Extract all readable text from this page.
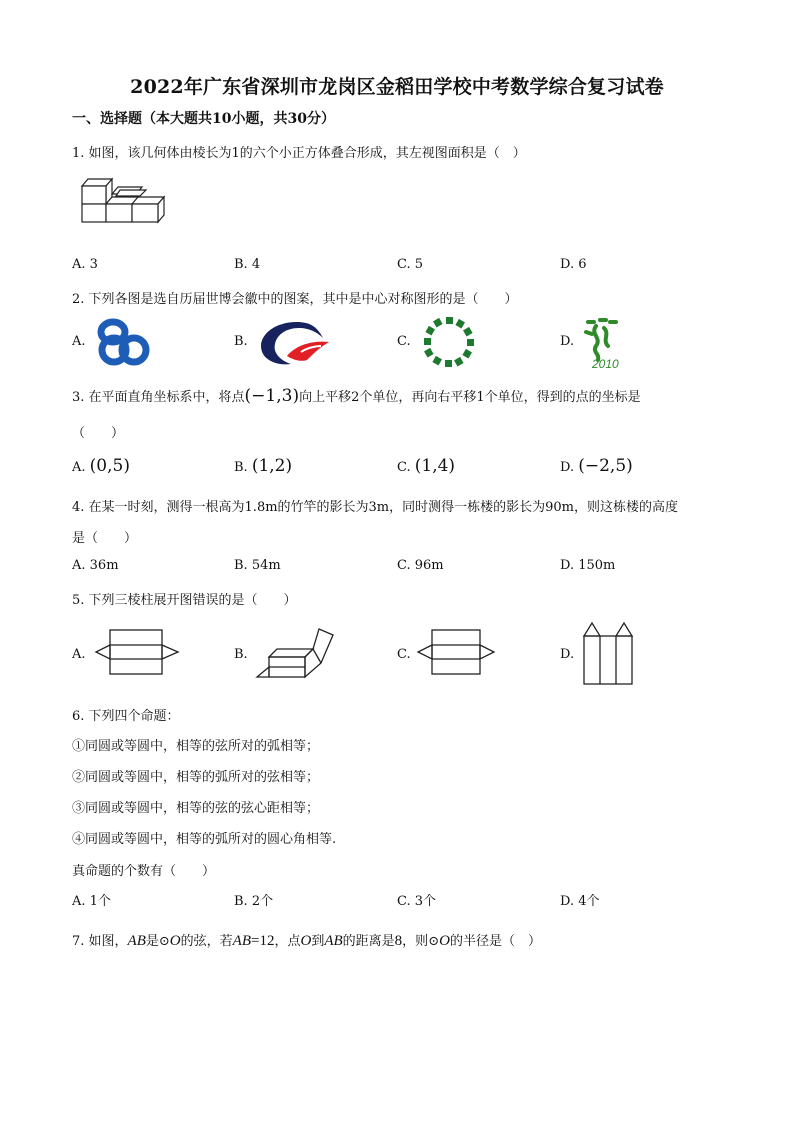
2022年广东省深圳市龙岗区金稻田学校中考数学综合复习试卷
一、选择题（本大题共10小题，共30分）
1. 如图，该几何体由棱长为1的六个小正方体叠合形成，其左视图面积是（　）
A. 3	B. 4	C. 5	D. 6
2. 下列各图是选自历届世博会徽中的图案，其中是中心对称图形的是（　　）
A.	B.	C.	D.
2010
3. 在平面直角坐标系中，将点(−1,3)向上平移2个单位，再向右平移1个单位，得到的点的坐标是
（　　）
A. (0,5)	B. (1,2)	C. (1,4)	D. (−2,5)
4. 在某一时刻，测得一根高为1.8m的竹竿的影长为3m，同时测得一栋楼的影长为90m，则这栋楼的高度
是（　　）
A. 36m	B. 54m	C. 96m	D. 150m
5. 下列三棱柱展开图错误的是（　　）
A.	B.	C.	D.
6. 下列四个命题：
①同圆或等圆中，相等的弦所对的弧相等；
②同圆或等圆中，相等的弧所对的弦相等；
③同圆或等圆中，相等的弦的弦心距相等；
④同圆或等圆中，相等的弧所对的圆心角相等.
真命题的个数有（　　）
A. 1个	B. 2个	C. 3个	D. 4个
7. 如图，AB是⊙O的弦，若AB=12，点O到AB的距离是8，则⊙O的半径是（　）
